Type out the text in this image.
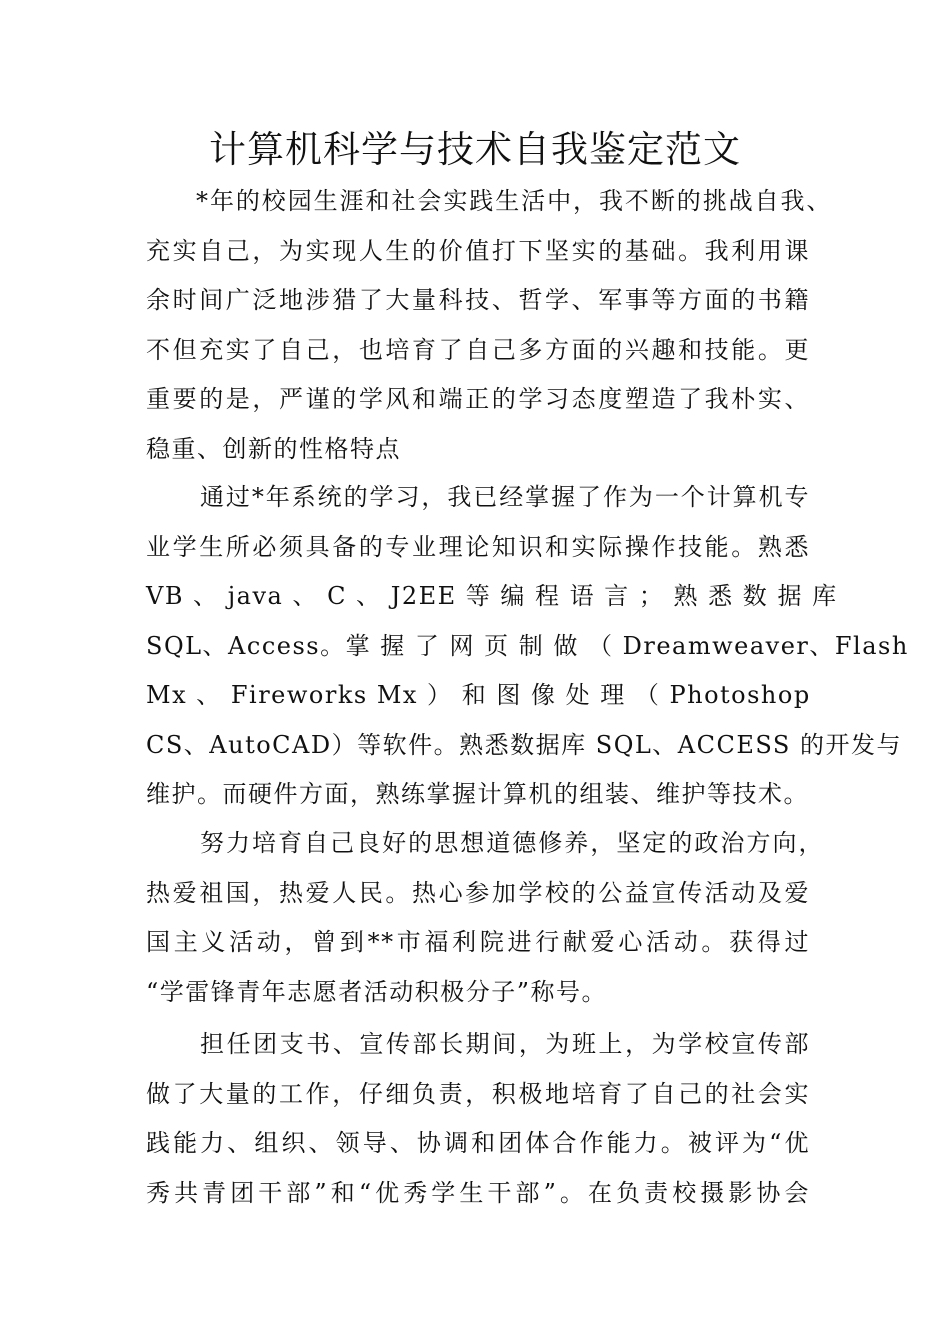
计算机科学与技术自我鉴定范文
*年的校园生涯和社会实践生活中，我不断的挑战自我、
充实自己，为实现人生的价值打下坚实的基础。我利用课
余时间广泛地涉猎了大量科技、哲学、军事等方面的书籍
不但充实了自己，也培育了自己多方面的兴趣和技能。更
重要的是，严谨的学风和端正的学习态度塑造了我朴实、
稳重、创新的性格特点
通过*年系统的学习，我已经掌握了作为一个计算机专
业学生所必须具备的专业理论知识和实际操作技能。熟悉
VB 、 java 、 C 、 J2EE 等 编 程 语 言 ； 熟 悉 数 据 库
SQL、Access。掌 握 了 网 页 制 做 （ Dreamweaver、Flash
Mx 、 Fireworks Mx ） 和 图 像 处 理 （ Photoshop
CS、AutoCAD）等软件。熟悉数据库 SQL、ACCESS 的开发与
维护。而硬件方面，熟练掌握计算机的组装、维护等技术。
努力培育自己良好的思想道德修养，坚定的政治方向，
热爱祖国，热爱人民。热心参加学校的公益宣传活动及爱
国主义活动，曾到**市福利院进行献爱心活动。获得过
“学雷锋青年志愿者活动积极分子”称号。
担任团支书、宣传部长期间，为班上，为学校宣传部
做了大量的工作，仔细负责，积极地培育了自己的社会实
践能力、组织、领导、协调和团体合作能力。被评为“优
秀共青团干部”和“优秀学生干部”。在负责校摄影协会
